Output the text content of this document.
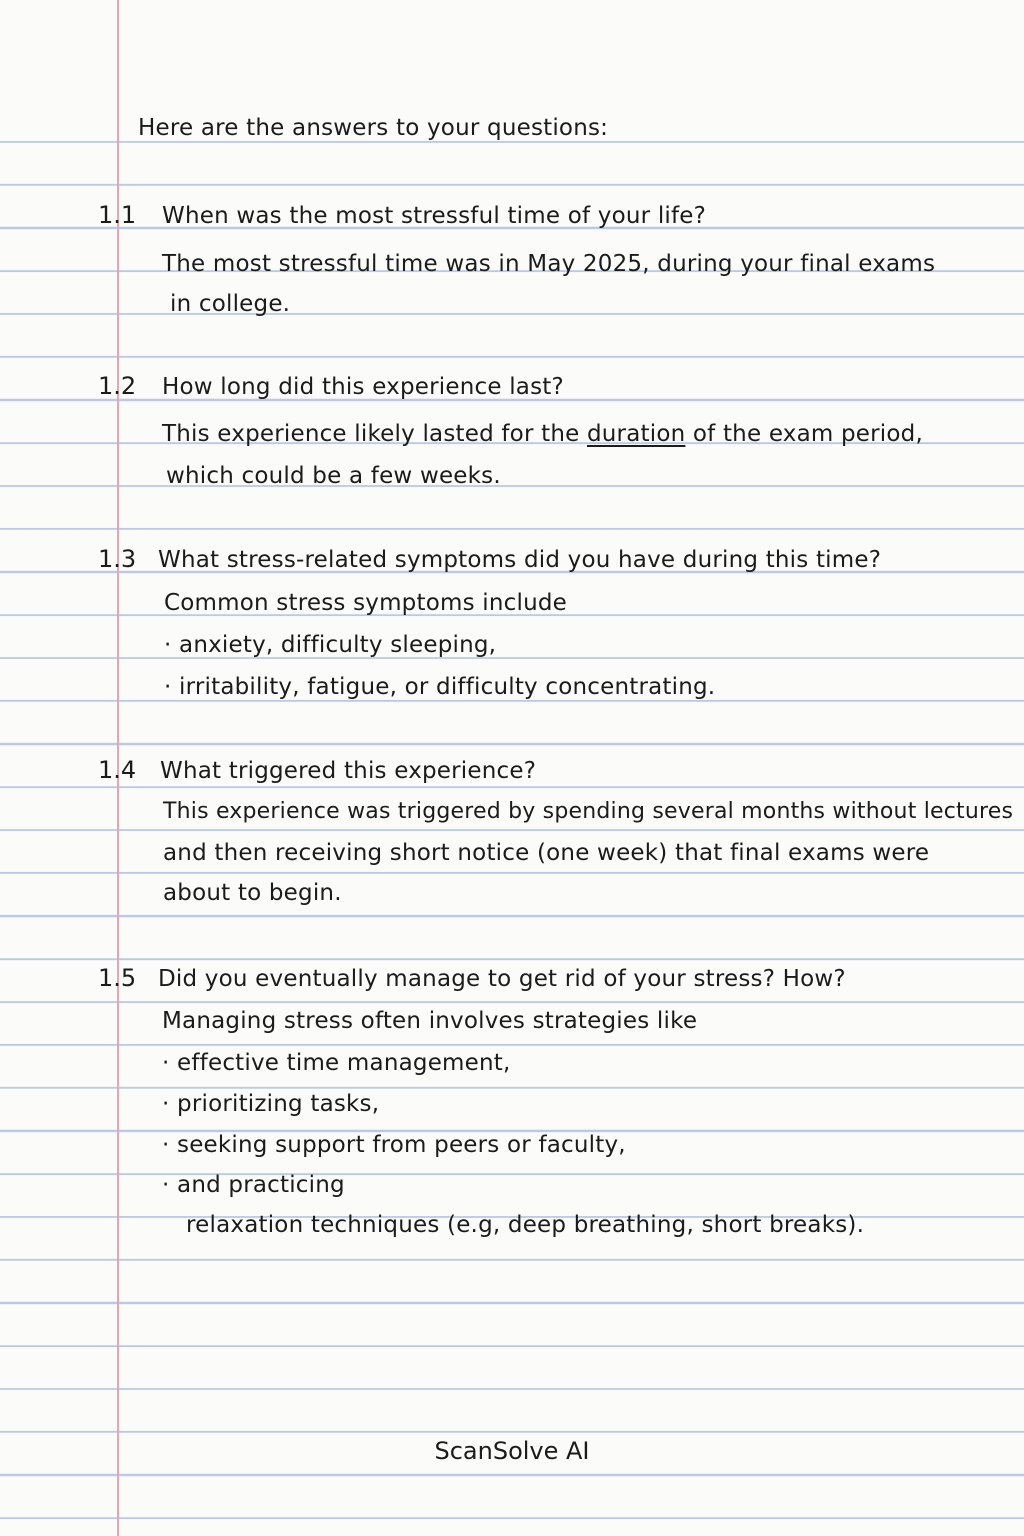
Here are the answers to your questions:
1.1 When was the most stressful time of your life?
The most stressful time was in May 2025, during your final exams
in college.
1.2 How long did this experience last?
This experience likely lasted for the duration of the exam period,
which could be a few weeks.
1.3 What stress-related symptoms did you have during this time?
Common stress symptoms include
· anxiety, difficulty sleeping,
· irritability, fatigue, or difficulty concentrating.
1.4 What triggered this experience?
This experience was triggered by spending several months without lectures
and then receiving short notice (one week) that final exams were
about to begin.
1.5 Did you eventually manage to get rid of your stress? How?
Managing stress often involves strategies like
· effective time management,
· prioritizing tasks,
· seeking support from peers or faculty,
· and practicing
relaxation techniques (e.g, deep breathing, short breaks).
ScanSolve AI
